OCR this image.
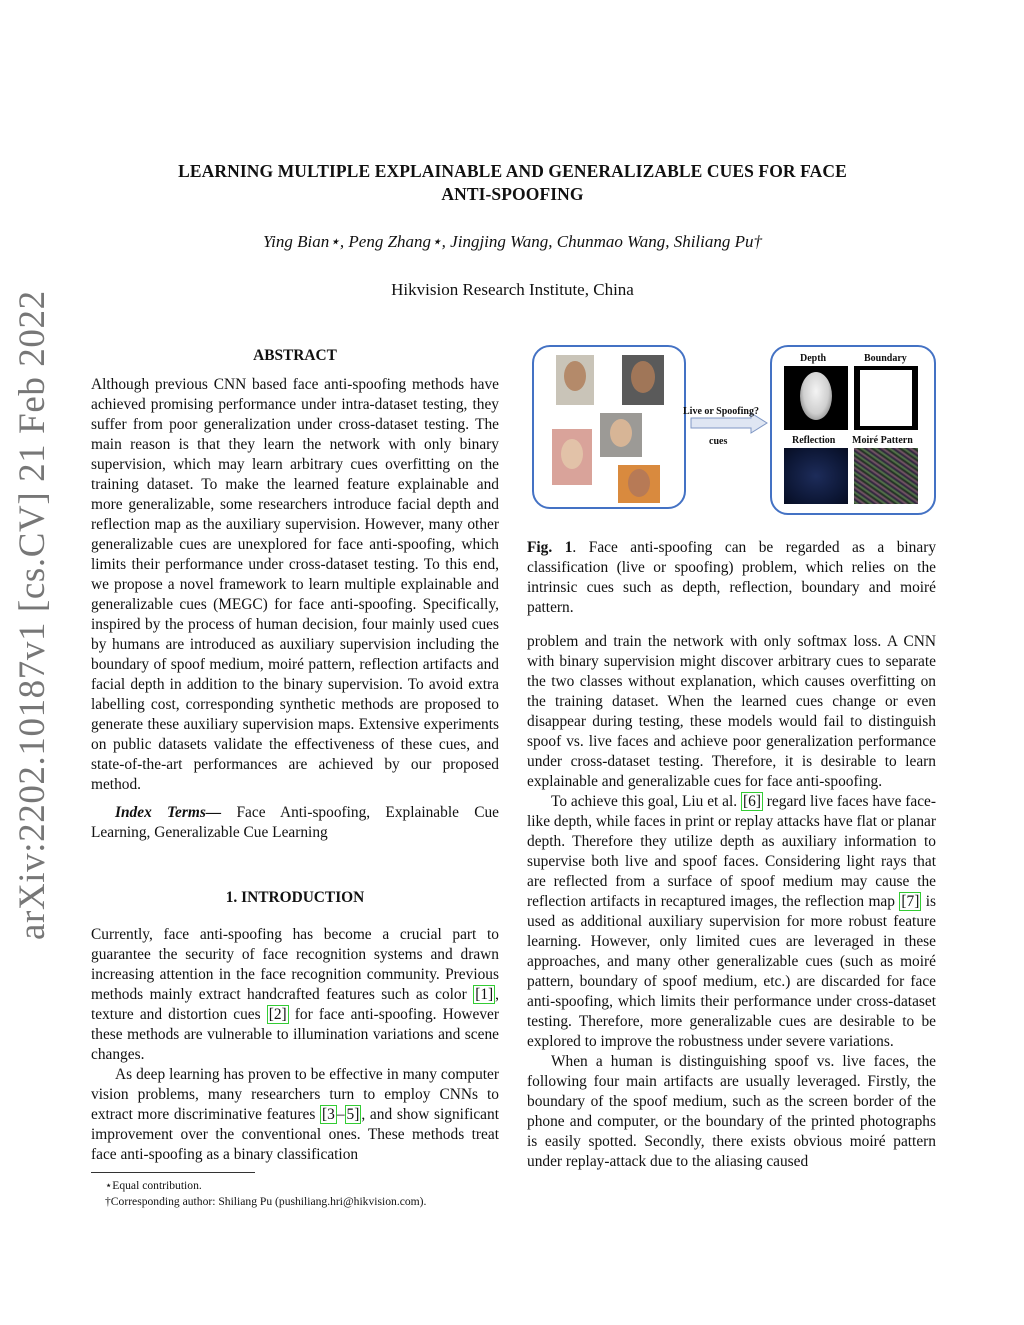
arXiv:2202.10187v1 [cs.CV] 21 Feb 2022
LEARNING MULTIPLE EXPLAINABLE AND GENERALIZABLE CUES FOR FACE
ANTI-SPOOFING
Ying Bian⋆, Peng Zhang⋆, Jingjing Wang, Chunmao Wang, Shiliang Pu†
Hikvision Research Institute, China
ABSTRACT

Although previous CNN based face anti-spoofing methods have achieved promising performance under intra-dataset testing, they suffer from poor generalization under cross-dataset testing. The main reason is that they learn the network with only binary supervision, which may learn arbitrary cues overfitting on the training dataset. To make the learned feature explainable and more generalizable, some researchers introduce facial depth and reflection map as the auxiliary supervision. However, many other generalizable cues are unexplored for face anti-spoofing, which limits their performance under cross-dataset testing. To this end, we propose a novel framework to learn multiple explainable and generalizable cues (MEGC) for face anti-spoofing. Specifically, inspired by the process of human decision, four mainly used cues by humans are introduced as auxiliary supervision including the boundary of spoof medium, moiré pattern, reflection artifacts and facial depth in addition to the binary supervision. To avoid extra labelling cost, corresponding synthetic methods are proposed to generate these auxiliary supervision maps. Extensive experiments on public datasets validate the effectiveness of these cues, and state-of-the-art performances are achieved by our proposed method.

Index Terms— Face Anti-spoofing, Explainable Cue Learning, Generalizable Cue Learning

1. INTRODUCTION

Currently, face anti-spoofing has become a crucial part to guarantee the security of face recognition systems and drawn increasing attention in the face recognition community. Previous methods mainly extract handcrafted features such as color [1] , texture and distortion cues [2] for face anti-spoofing. However these methods are vulnerable to illumination variations and scene changes.

As deep learning has proven to be effective in many computer vision problems, many researchers turn to employ CNNs to extract more discriminative features [3 – 5] , and show significant improvement over the conventional ones. These methods treat face anti-spoofing as a binary classification

⋆Equal contribution.
†Corresponding author: Shiliang Pu (pushiliang.hri@hikvision.com).
Live or Spoofing?
cues
Depth	Boundary
Reflection Moiré Pattern

Fig. 1. Face anti-spoofing can be regarded as a binary classification (live or spoofing) problem, which relies on the intrinsic cues such as depth, reflection, boundary and moiré pattern.

problem and train the network with only softmax loss. A CNN with binary supervision might discover arbitrary cues to separate the two classes without explanation, which causes overfitting on the training dataset. When the learned cues change or even disappear during testing, these models would fail to distinguish spoof vs. live faces and achieve poor generalization performance under cross-dataset testing. Therefore, it is desirable to learn explainable and generalizable cues for face anti-spoofing.

To achieve this goal, Liu et al. [6] regard live faces have face-like depth, while faces in print or replay attacks have flat or planar depth. Therefore they utilize depth as auxiliary information to supervise both live and spoof faces. Considering light rays that are reflected from a surface of spoof medium may cause the reflection artifacts in recaptured images, the reflection map [7] is used as additional auxiliary supervision for more robust feature learning. However, only limited cues are leveraged in these approaches, and many other generalizable cues (such as moiré pattern, boundary of spoof medium, etc.) are discarded for face anti-spoofing, which limits their performance under cross-dataset testing. Therefore, more generalizable cues are desirable to be explored to improve the robustness under severe variations.

When a human is distinguishing spoof vs. live faces, the following four main artifacts are usually leveraged. Firstly, the boundary of the spoof medium, such as the screen border of the phone and computer, or the boundary of the printed photographs is easily spotted. Secondly, there exists obvious moiré pattern under replay-attack due to the aliasing caused
